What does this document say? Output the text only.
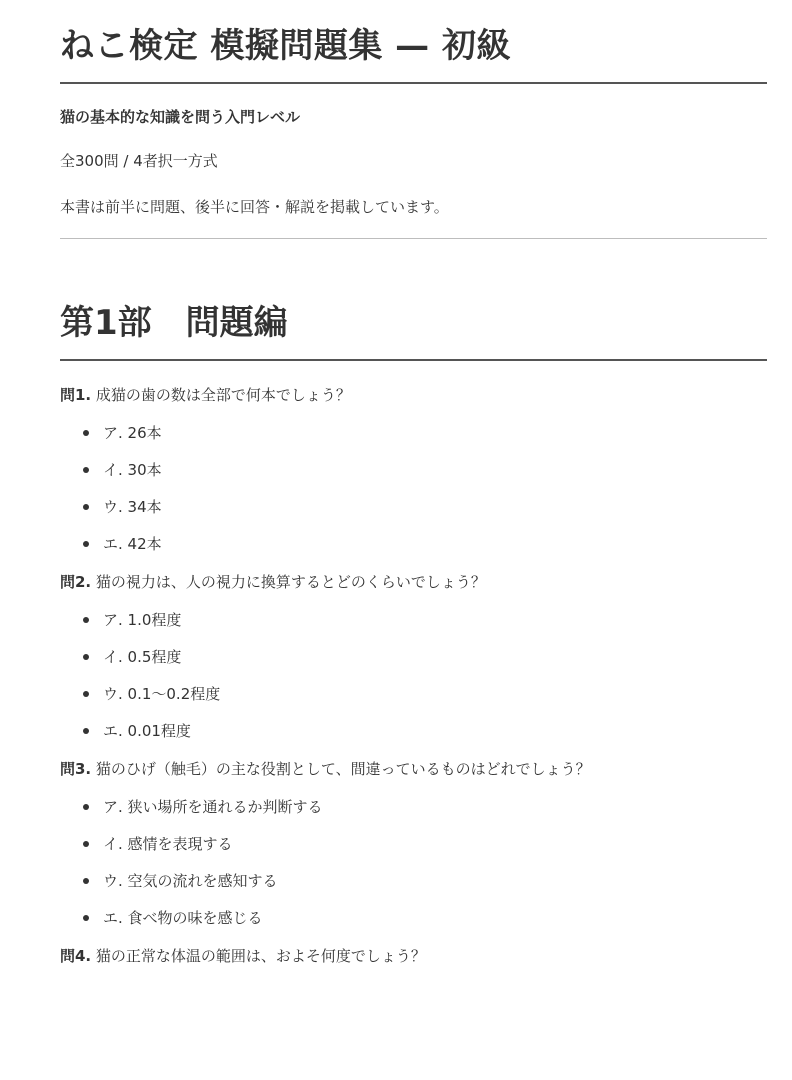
ねこ検定 模擬問題集 — 初級
猫の基本的な知識を問う入門レベル
全300問 / 4者択一方式
本書は前半に問題、後半に回答・解説を掲載しています。
第1部　問題編
問1. 成猫の歯の数は全部で何本でしょう？
ア. 26本
イ. 30本
ウ. 34本
エ. 42本
問2. 猫の視力は、人の視力に換算するとどのくらいでしょう？
ア. 1.0程度
イ. 0.5程度
ウ. 0.1〜0.2程度
エ. 0.01程度
問3. 猫のひげ（触毛）の主な役割として、間違っているものはどれでしょう？
ア. 狭い場所を通れるか判断する
イ. 感情を表現する
ウ. 空気の流れを感知する
エ. 食べ物の味を感じる
問4. 猫の正常な体温の範囲は、およそ何度でしょう？
